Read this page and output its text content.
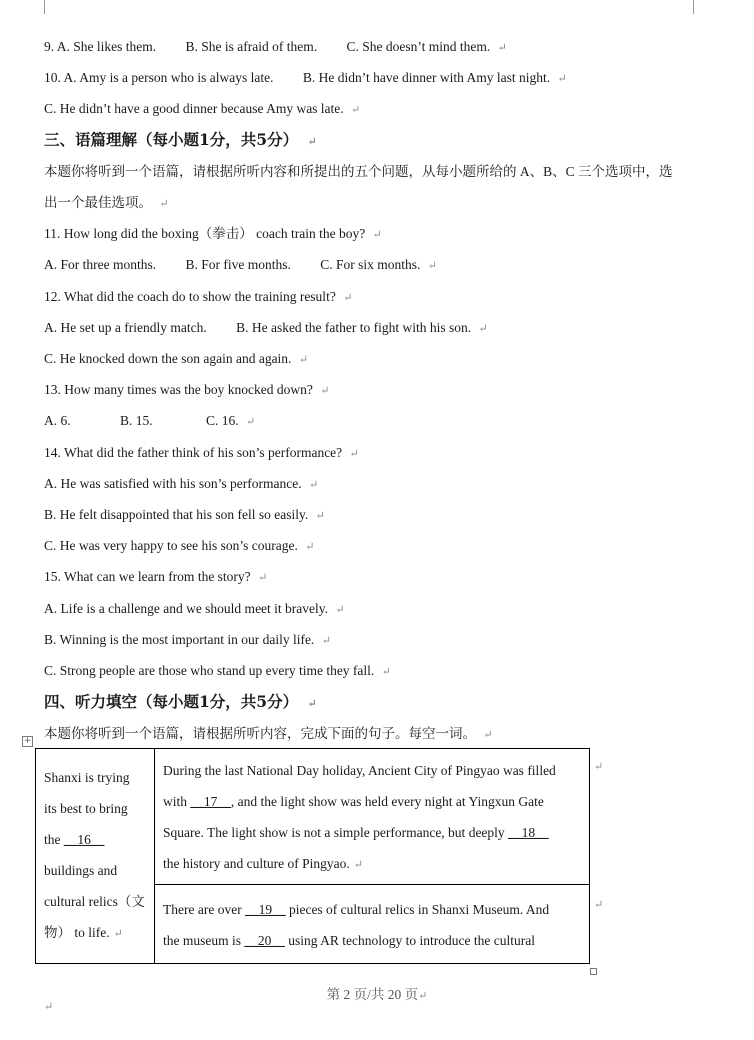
9. A. She likes them. B. She is afraid of them. C. She doesn’t mind them. ↵
10. A. Amy is a person who is always late. B. He didn’t have dinner with Amy last night. ↵
C. He didn’t have a good dinner because Amy was late. ↵
三、语篇理解（每小题1分，共5分） ↵
本题你将听到一个语篇，请根据所听内容和所提出的五个问题，从每小题所给的 A、B、C 三个选项中，选
出一个最佳选项。 ↵
11. How long did the boxing（拳击） coach train the boy? ↵
A. For three months. B. For five months. C. For six months. ↵
12. What did the coach do to show the training result? ↵
A. He set up a friendly match. B. He asked the father to fight with his son. ↵
C. He knocked down the son again and again. ↵
13. How many times was the boy knocked down? ↵
A. 6.	B. 15.	C. 16. ↵
14. What did the father think of his son’s performance? ↵
A. He was satisfied with his son’s performance. ↵
B. He felt disappointed that his son fell so easily. ↵
C. He was very happy to see his son’s courage. ↵
15. What can we learn from the story? ↵
A. Life is a challenge and we should meet it bravely. ↵
B. Winning is the most important in our daily life. ↵
C. Strong people are those who stand up every time they fall. ↵
四、听力填空（每小题1分，共5分） ↵
本题你将听到一个语篇，请根据所听内容，完成下面的句子。每空一词。 ↵
+
Shanxi is trying
its best to bring
the __16__
buildings and
cultural relics（文
物） to life. ↵
During the last National Day holiday, Ancient City of Pingyao was filled
with __17__, and the light show was held every night at Yingxun Gate
Square. The light show is not a simple performance, but deeply __18__
the history and culture of Pingyao. ↵
There are over __19__ pieces of cultural relics in Shanxi Museum. And
the museum is __20__ using AR technology to introduce the cultural
↵
↵
第 2 页/共 20 页↵
↵
